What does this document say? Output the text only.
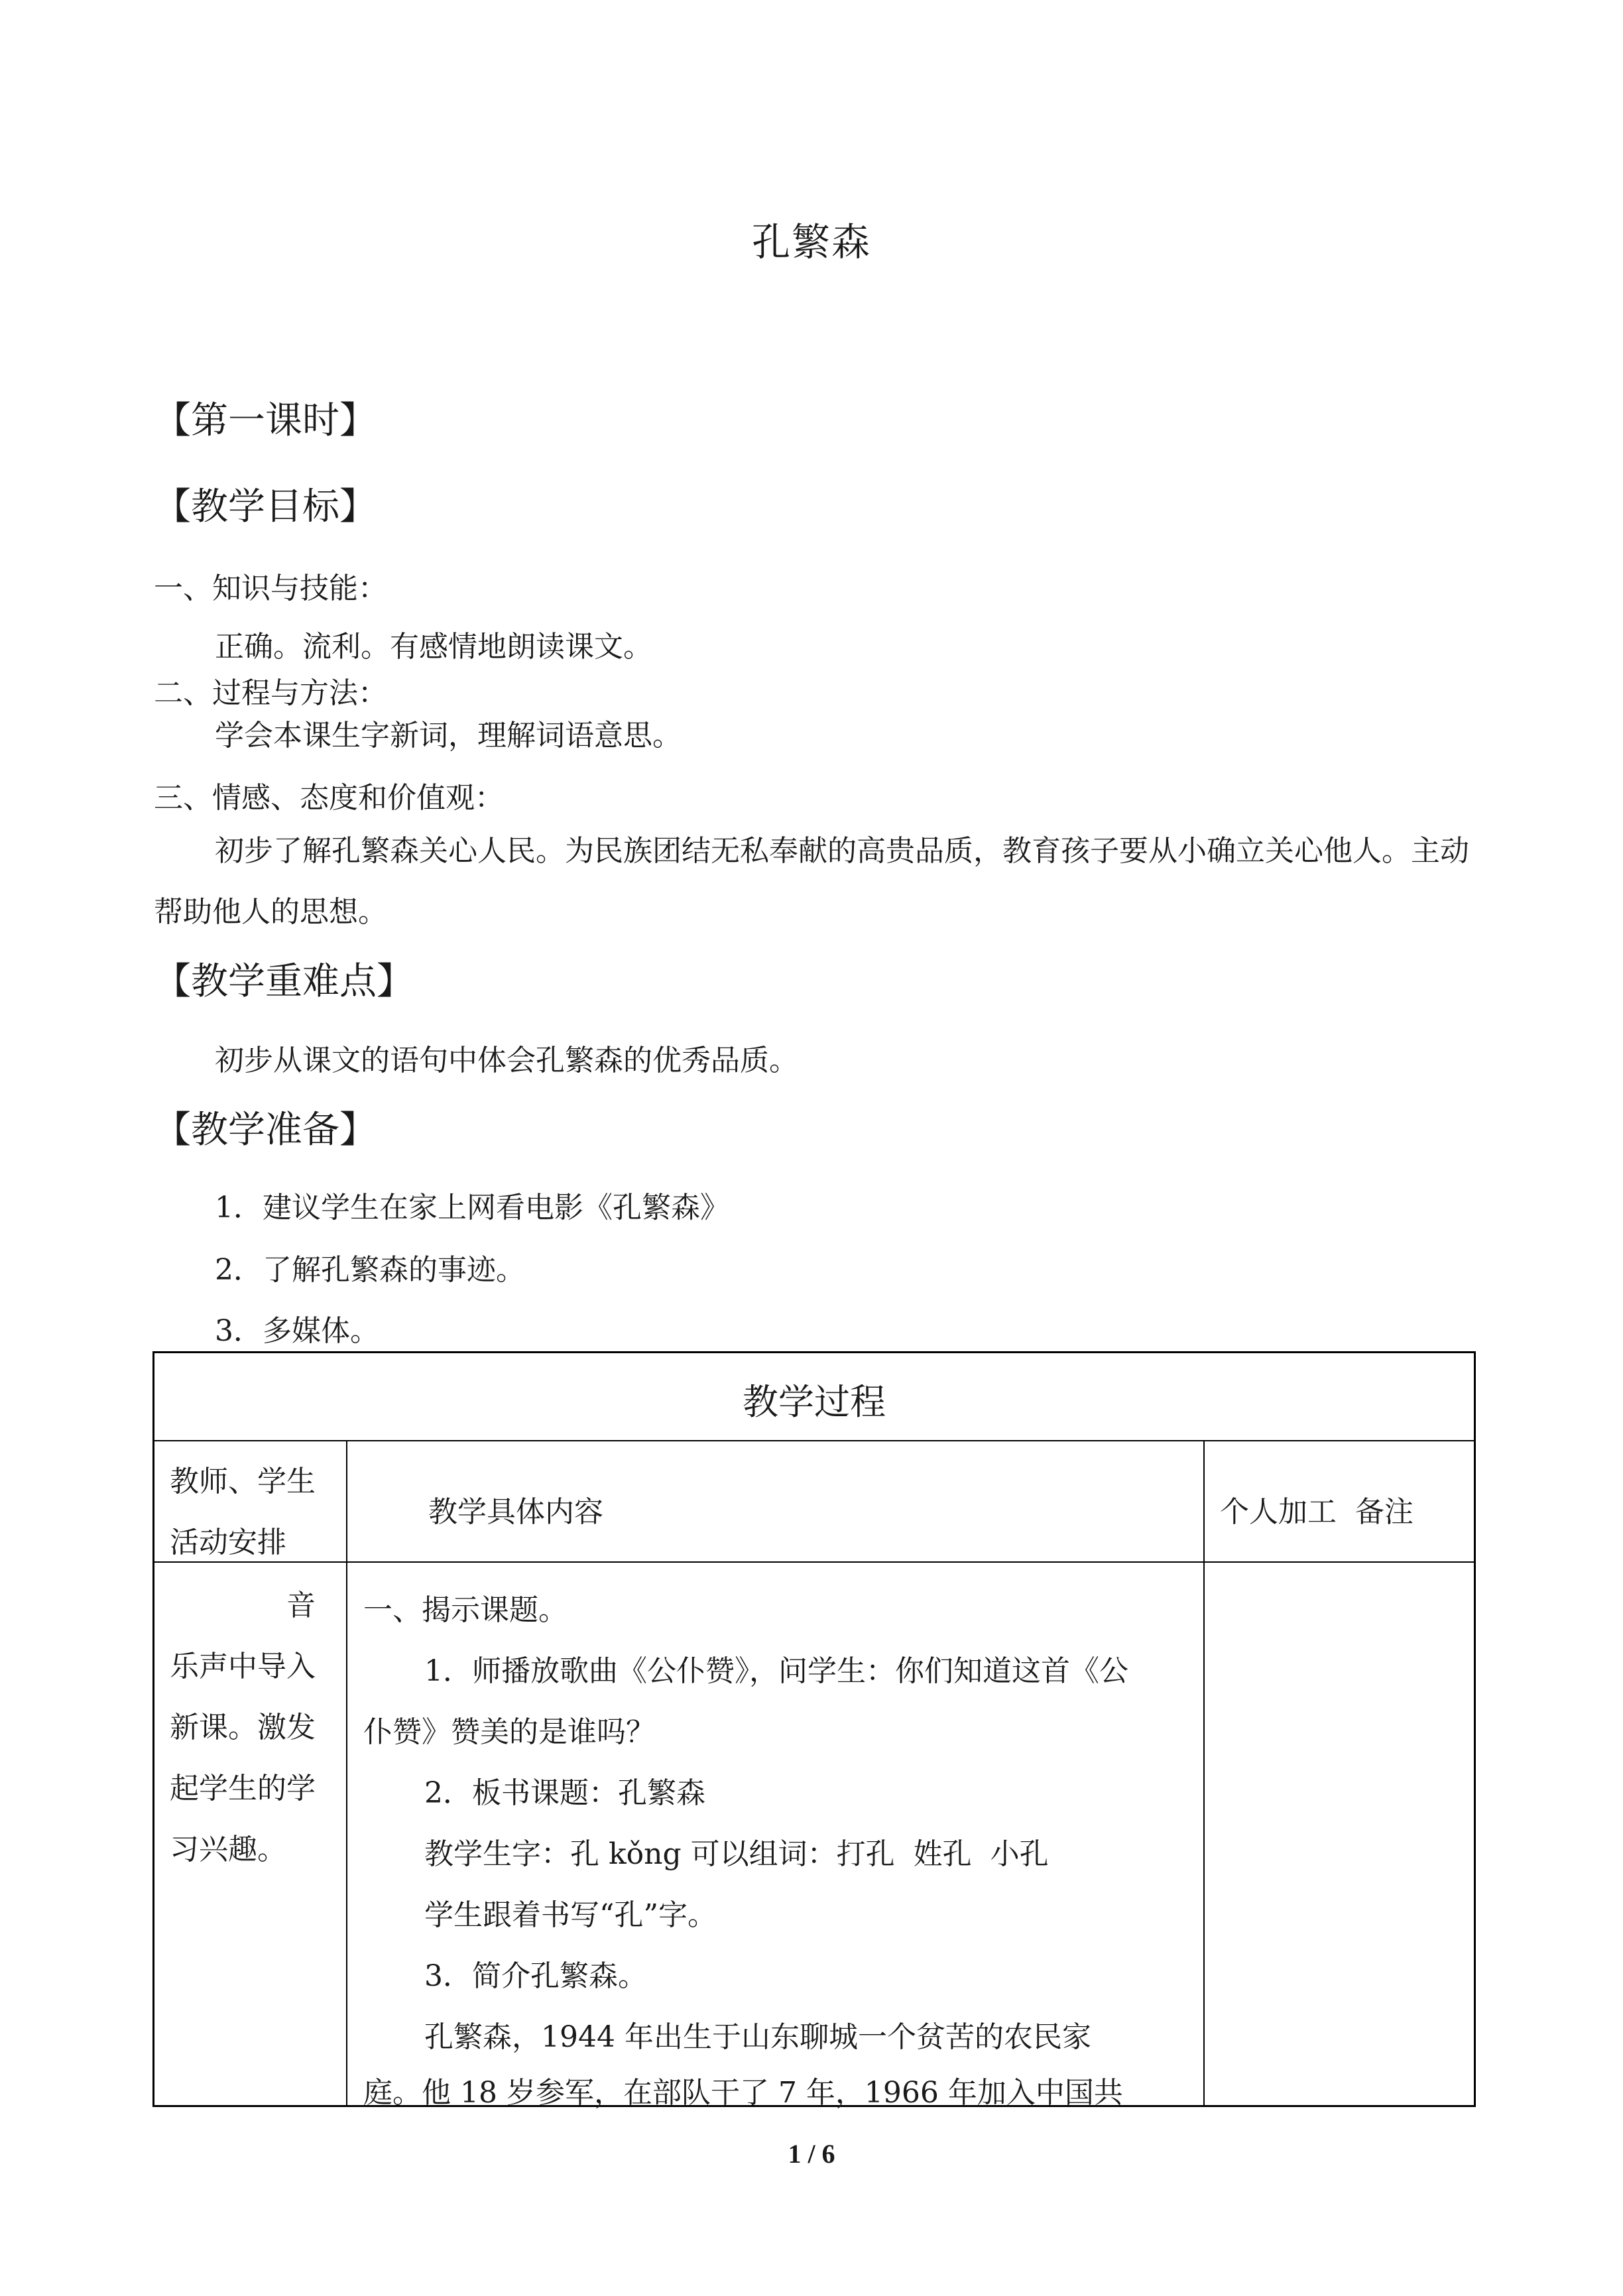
孔繁森
【第一课时】
【教学目标】
一、知识与技能：
正确。流利。有感情地朗读课文。
二、过程与方法：
学会本课生字新词，理解词语意思。
三、情感、态度和价值观：
初步了解孔繁森关心人民。为民族团结无私奉献的高贵品质，教育孩子要从小确立关心他人。主动帮助他人的思想。
【教学重难点】
初步从课文的语句中体会孔繁森的优秀品质。
【教学准备】
1．建议学生在家上网看电影《孔繁森》
2．了解孔繁森的事迹。
3．多媒体。
教学过程
教师、学生
活动安排
教学具体内容	个人加工  备注
音乐声中导入新课。激发起学生的学习兴趣。
一、揭示课题。
1．师播放歌曲《公仆赞》，问学生：你们知道这首《公
仆赞》赞美的是谁吗？
2．板书课题：孔繁森
教学生字：孔 kǒng 可以组词：打孔  姓孔  小孔
学生跟着书写“孔”字。
3．简介孔繁森。
孔繁森，1944 年出生于山东聊城一个贫苦的农民家
庭。他 18 岁参军，在部队干了 7 年，1966 年加入中国共
1 / 6
